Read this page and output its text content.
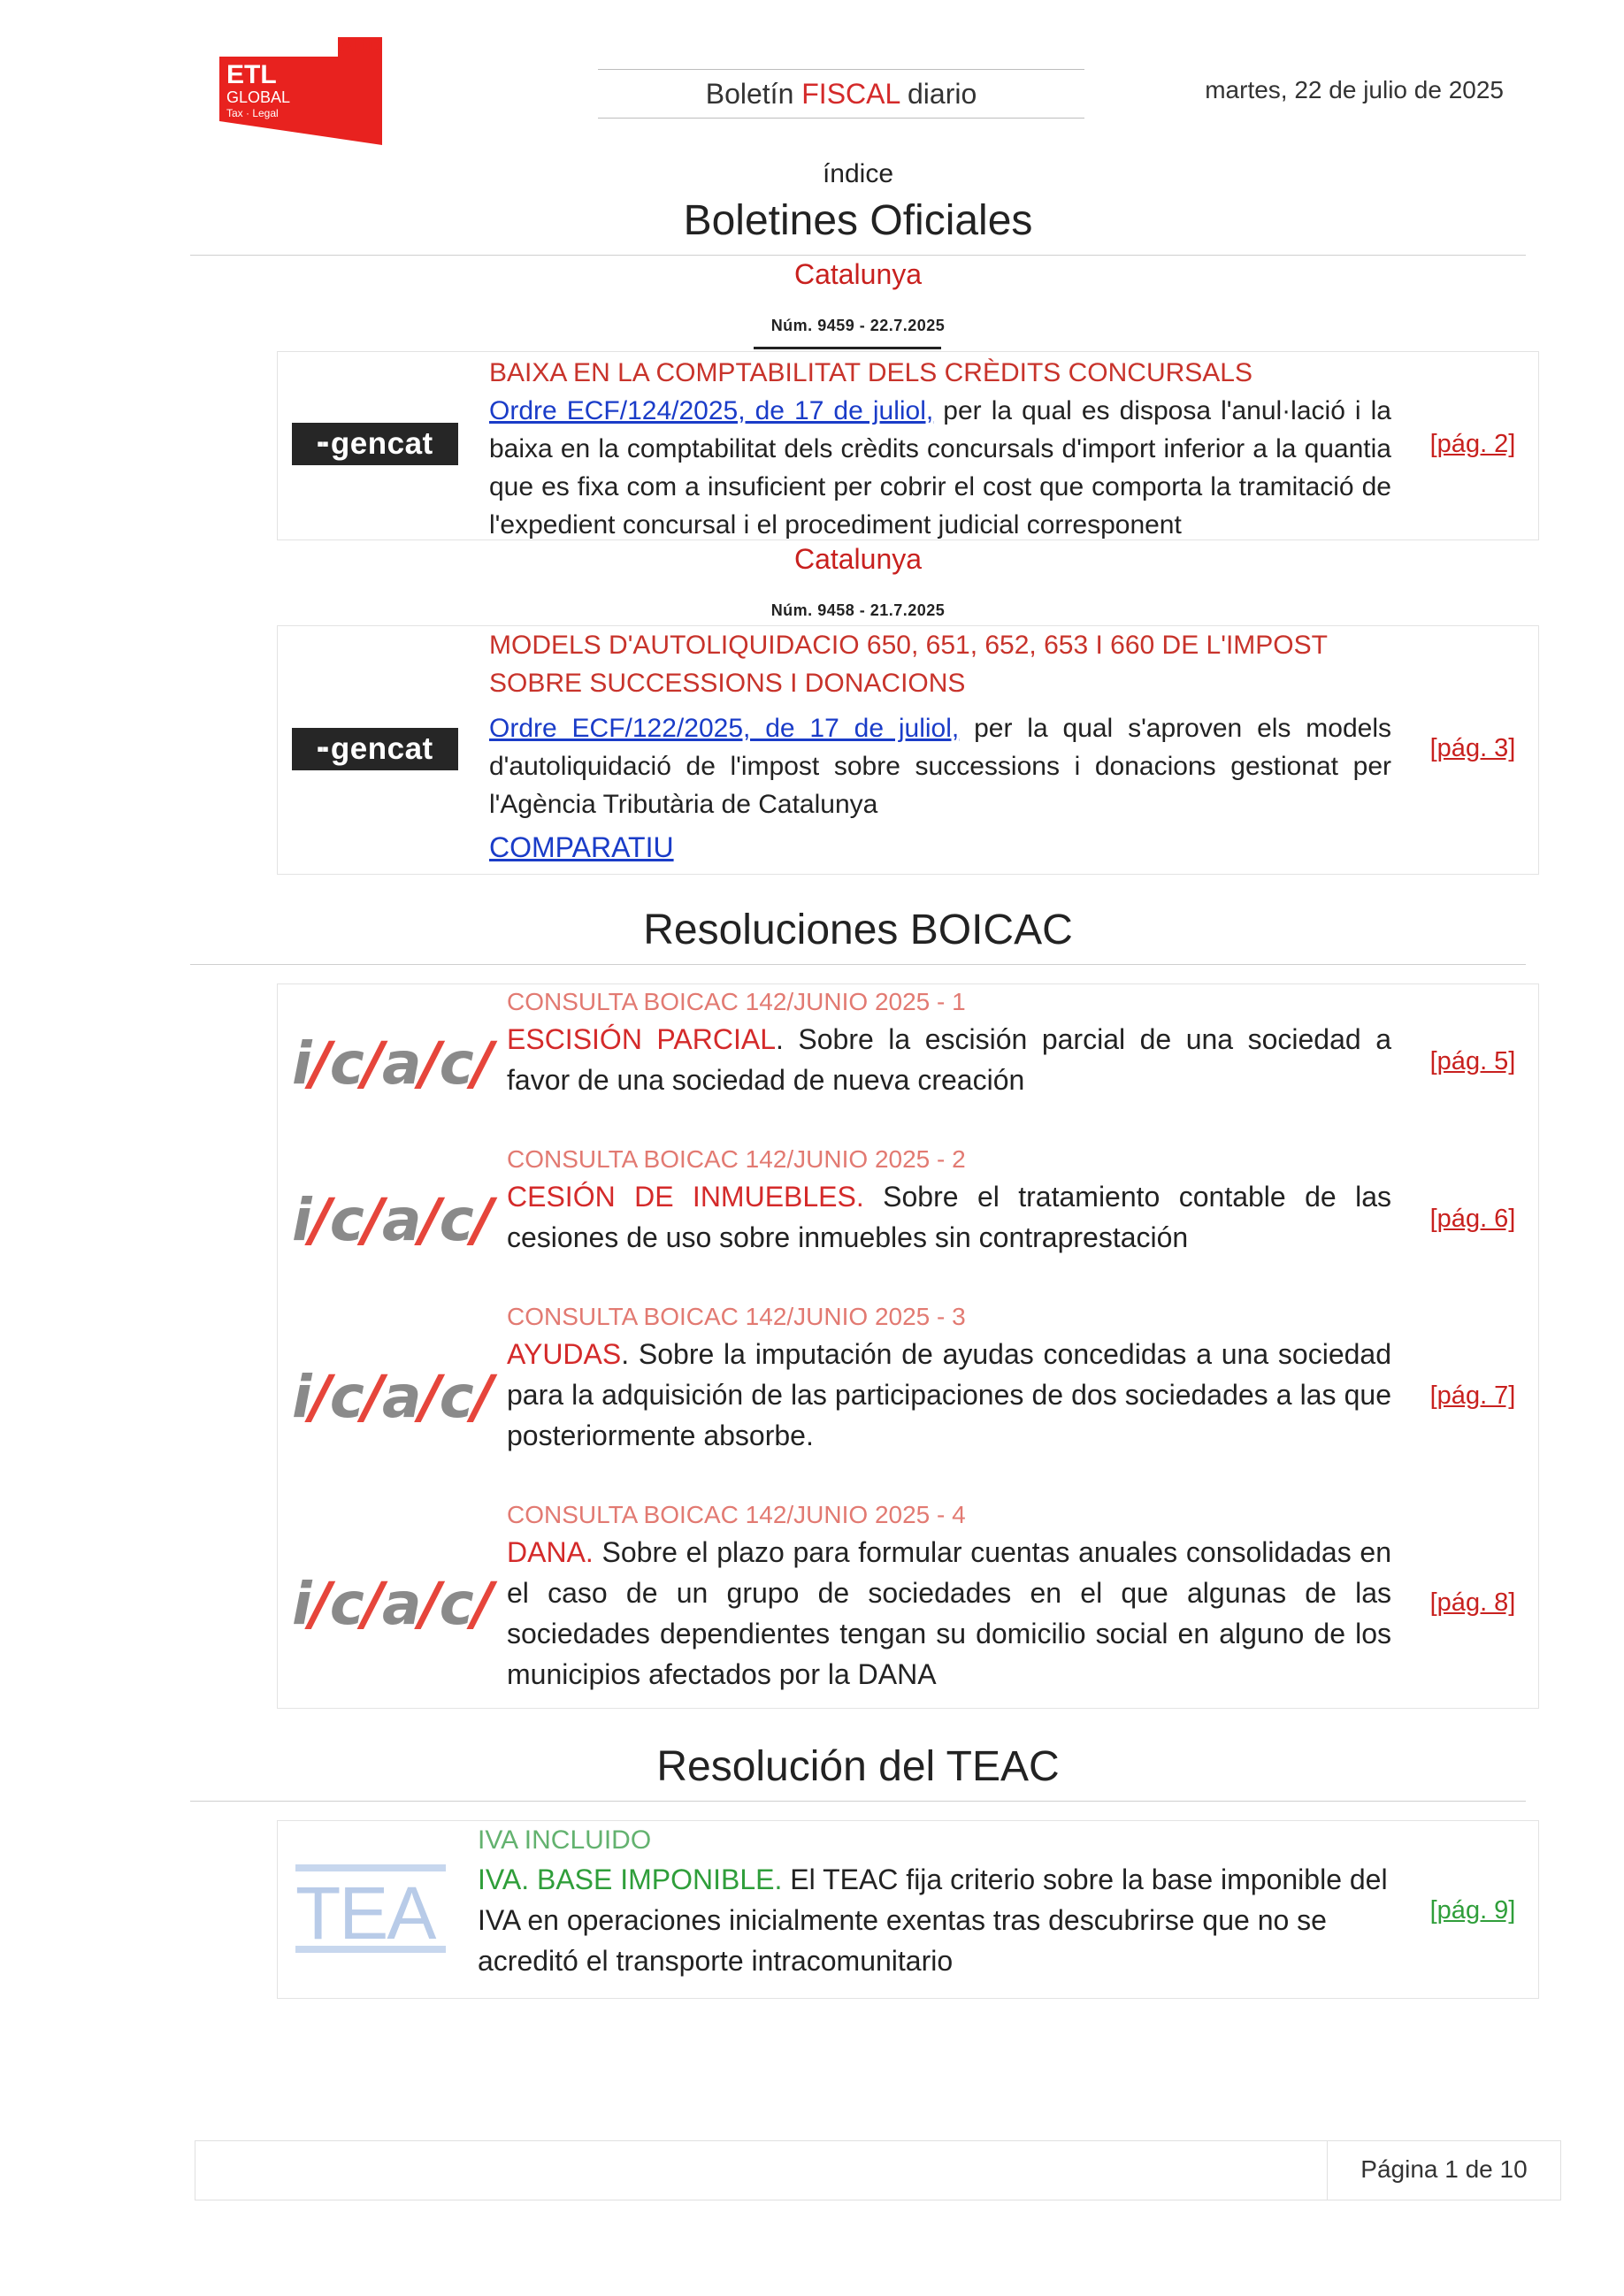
ADD
ETL
GLOBAL
Tax · Legal
Boletín FISCAL diario	martes, 22 de julio de 2025
índice
Boletines Oficiales
Catalunya
Núm. 9459 - 22.7.2025
▪▪ gencat
BAIXA EN LA COMPTABILITAT DELS CRÈDITS CONCURSALS
Ordre ECF/124/2025, de 17 de juliol, per la qual es disposa l'anul·lació i la baixa en la comptabilitat dels crèdits concursals d'import inferior a la quantia que es fixa com a insuficient per cobrir el cost que comporta la tramitació de l'expedient concursal i el procediment judicial corresponent
[pág. 2]
Catalunya
Núm. 9458 - 21.7.2025
▪▪ gencat
MODELS D'AUTOLIQUIDACIO 650, 651, 652, 653 I 660 DE L'IMPOST SOBRE SUCCESSIONS I DONACIONS
Ordre ECF/122/2025, de 17 de juliol, per la qual s'aproven els models d'autoliquidació de l'impost sobre successions i donacions gestionat per l'Agència Tributària de Catalunya
COMPARATIU
[pág. 3]
Resoluciones BOICAC
i/c/a/c/
CONSULTA BOICAC 142/JUNIO 2025 - 1
ESCISIÓN PARCIAL. Sobre la escisión parcial de una sociedad a favor de una sociedad de nueva creación
[pág. 5]
i/c/a/c/
CONSULTA BOICAC 142/JUNIO 2025 - 2
CESIÓN DE INMUEBLES. Sobre el tratamiento contable de las cesiones de uso sobre inmuebles sin contraprestación
[pág. 6]
i/c/a/c/
CONSULTA BOICAC 142/JUNIO 2025 - 3
AYUDAS. Sobre la imputación de ayudas concedidas a una sociedad para la adquisición de las participaciones de dos sociedades a las que posteriormente absorbe.
[pág. 7]
i/c/a/c/
CONSULTA BOICAC 142/JUNIO 2025 - 4
DANA. Sobre el plazo para formular cuentas anuales consolidadas en el caso de un grupo de sociedades en el que algunas de las sociedades dependientes tengan su domicilio social en alguno de los municipios afectados por la DANA
[pág. 8]
Resolución del TEAC
TEA
IVA INCLUIDO
IVA. BASE IMPONIBLE. El TEAC fija criterio sobre la base imponible del IVA en operaciones inicialmente exentas tras descubrirse que no se acreditó el transporte intracomunitario
[pág. 9]
Página 1 de 10
